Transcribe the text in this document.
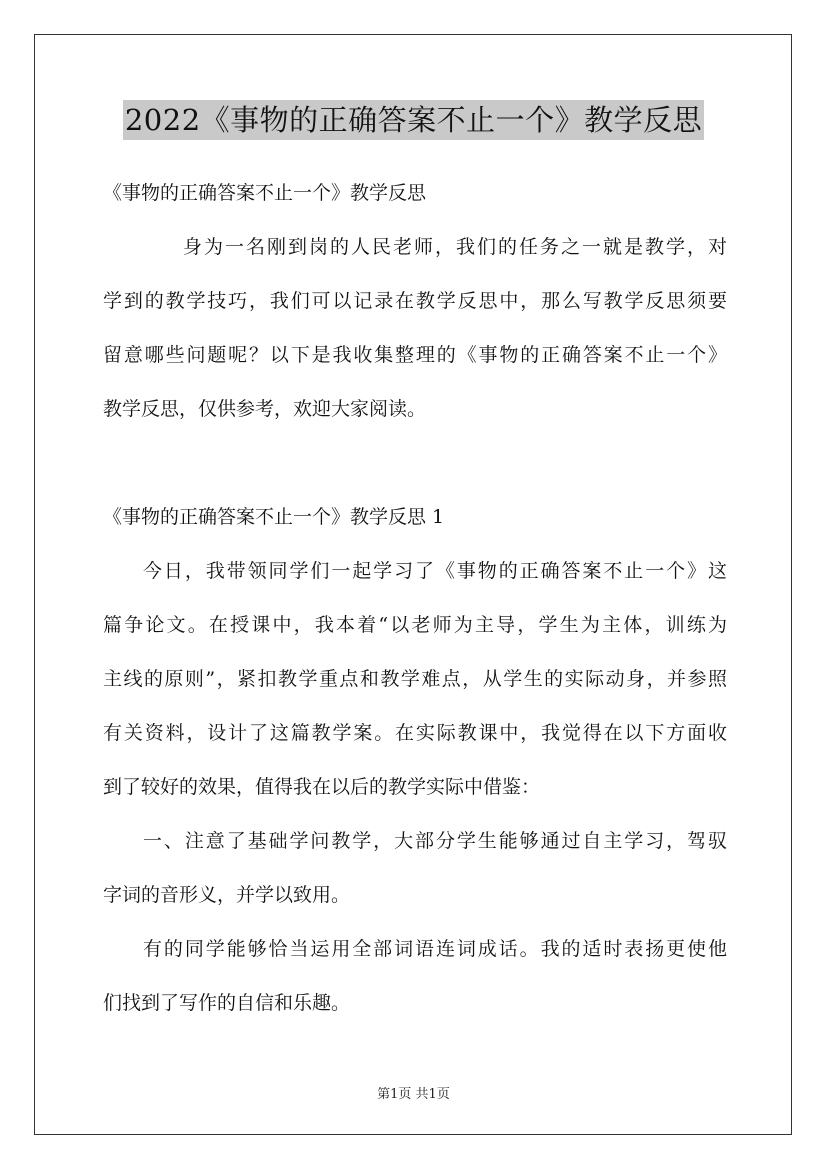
2022《事物的正确答案不止一个》教学反思
《事物的正确答案不止一个》教学反思
身为一名刚到岗的人民老师，我们的任务之一就是教学，对
学到的教学技巧，我们可以记录在教学反思中，那么写教学反思须要
留意哪些问题呢？以下是我收集整理的《事物的正确答案不止一个》
教学反思，仅供参考，欢迎大家阅读。
《事物的正确答案不止一个》教学反思 1
今日，我带领同学们一起学习了《事物的正确答案不止一个》这
篇争论文。在授课中，我本着“以老师为主导，学生为主体，训练为
主线的原则”，紧扣教学重点和教学难点，从学生的实际动身，并参照
有关资料，设计了这篇教学案。在实际教课中，我觉得在以下方面收
到了较好的效果，值得我在以后的教学实际中借鉴：
一、注意了基础学问教学，大部分学生能够通过自主学习，驾驭
字词的音形义，并学以致用。
有的同学能够恰当运用全部词语连词成话。我的适时表扬更使他
们找到了写作的自信和乐趣。
第1页 共1页
